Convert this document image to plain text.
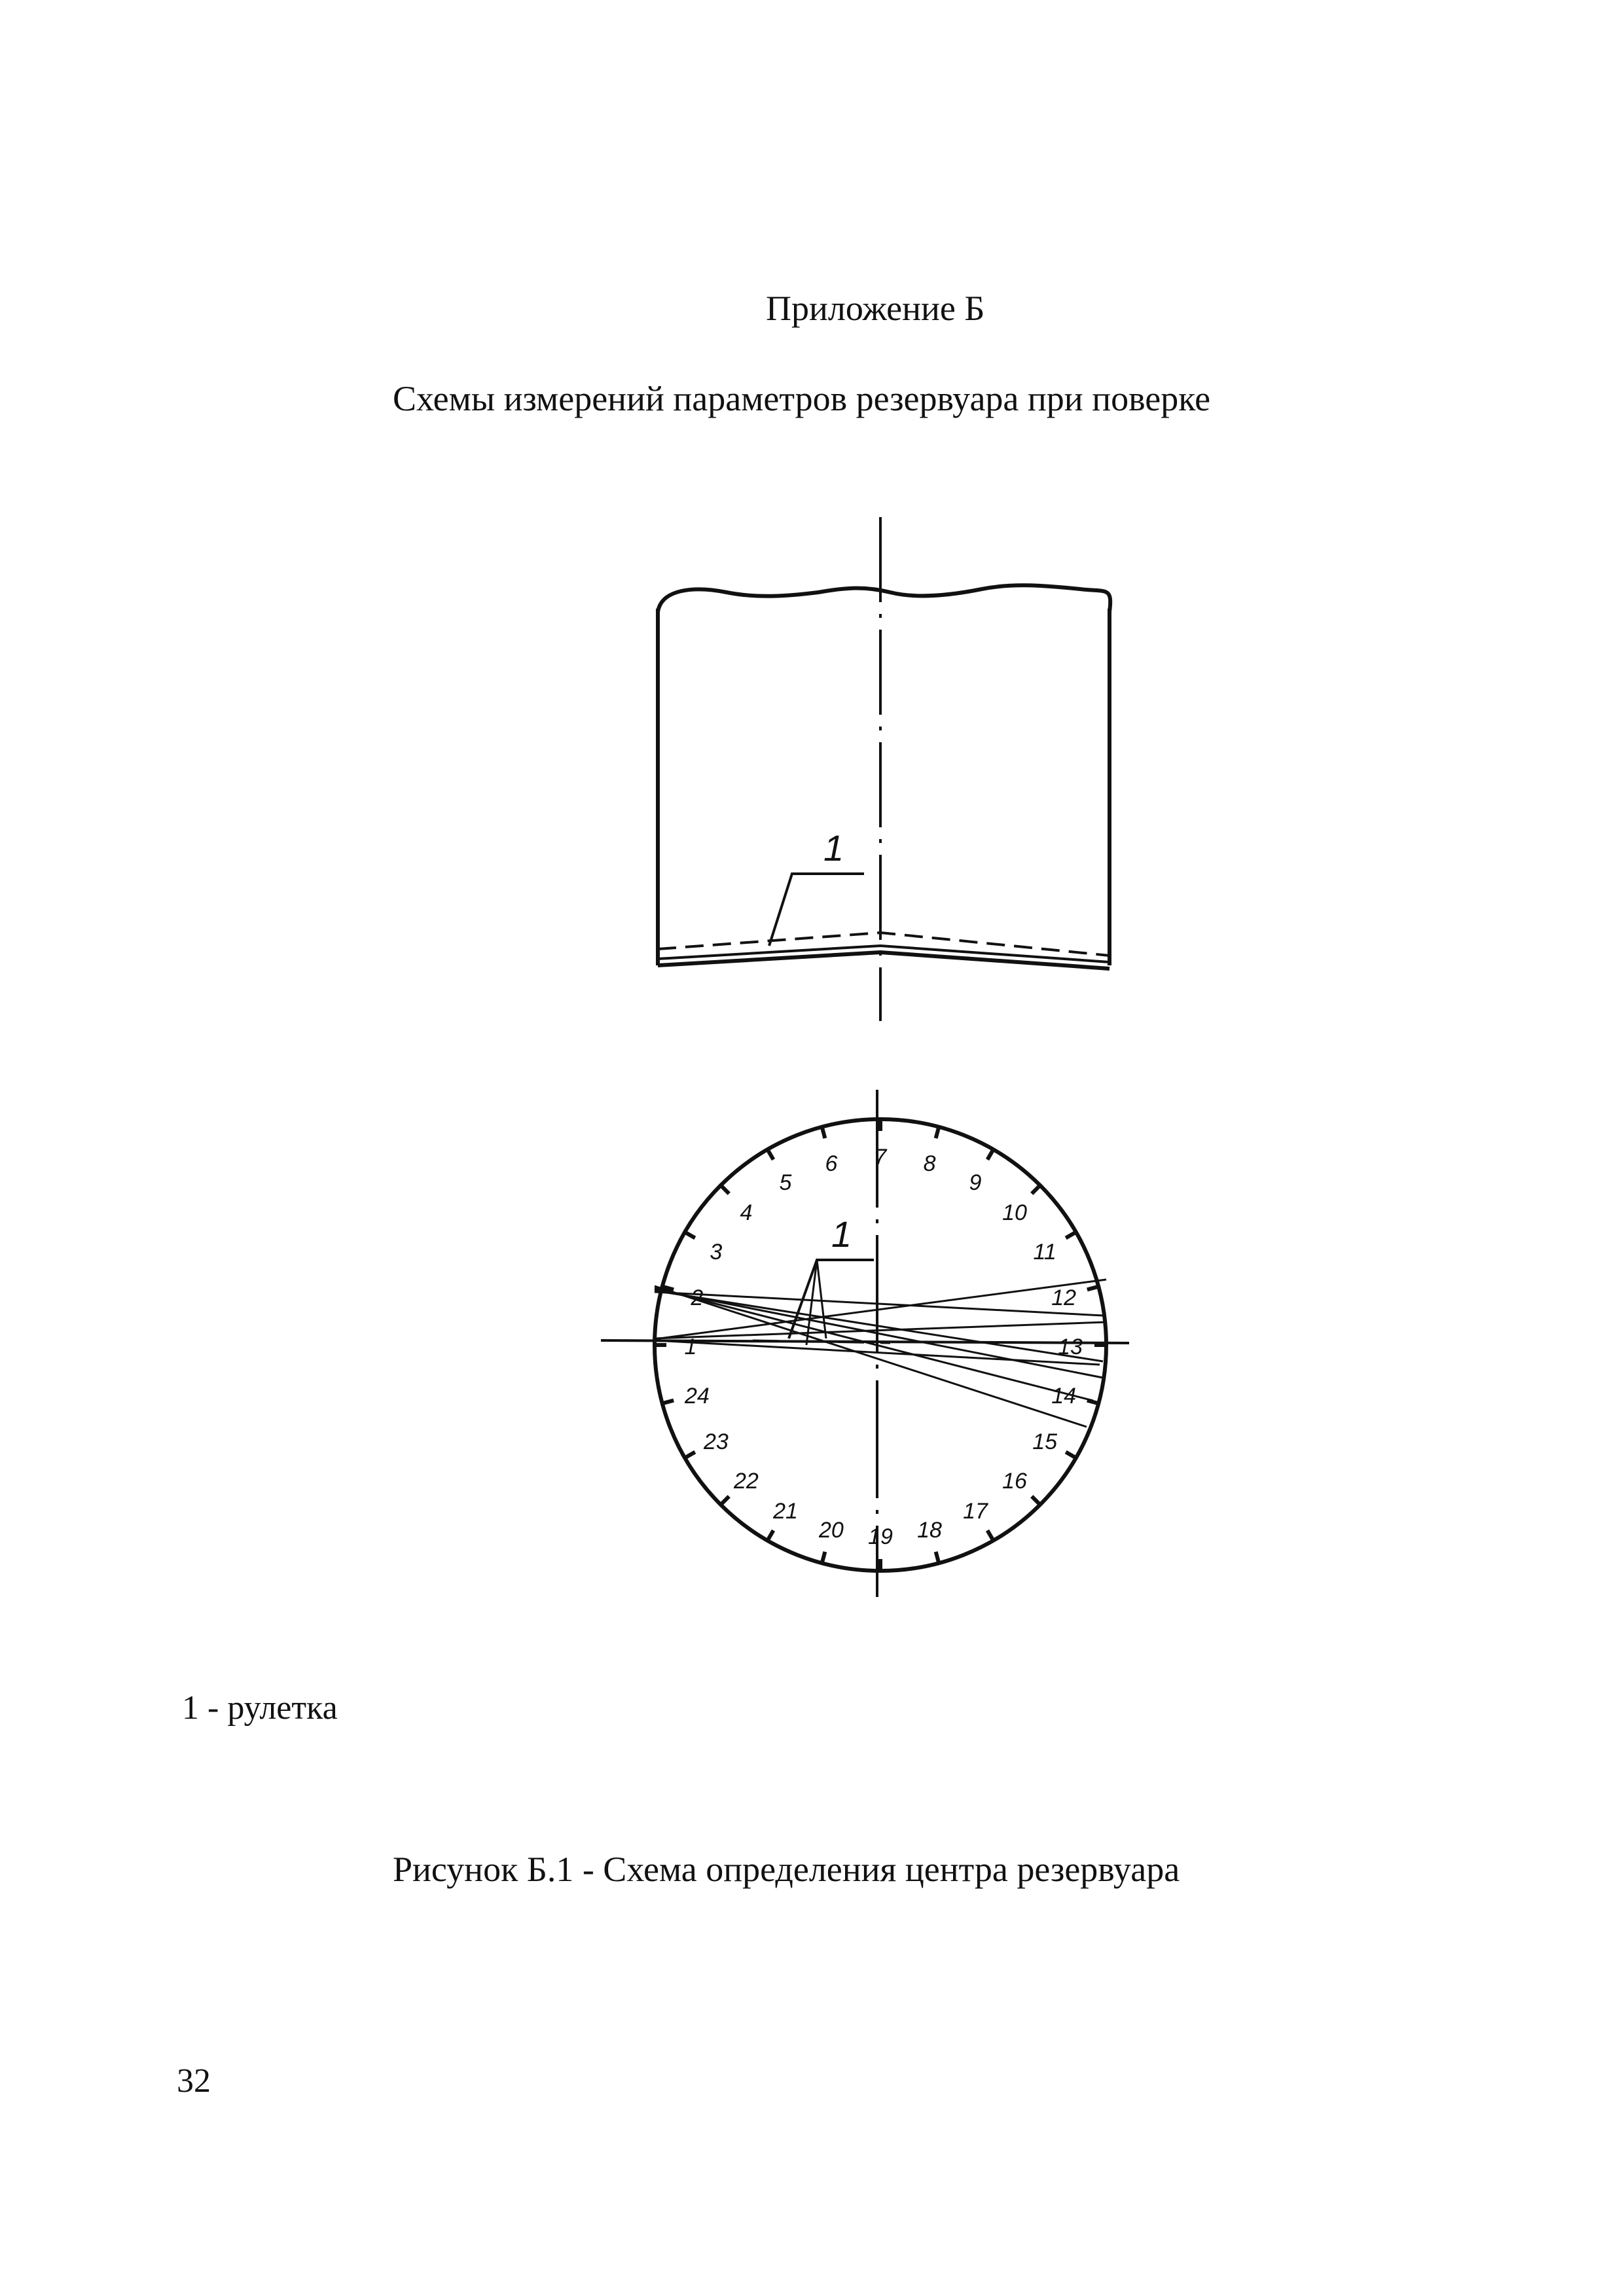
Приложение Б
Схемы измерений параметров резервуара при поверке
1
1
1
2
3
4
5
6 7 8
9
10
11
12
13
14
15
16
17
18
19
20
21
22
23
24
1 - рулетка
Рисунок Б.1 - Схема определения центра резервуара
32
